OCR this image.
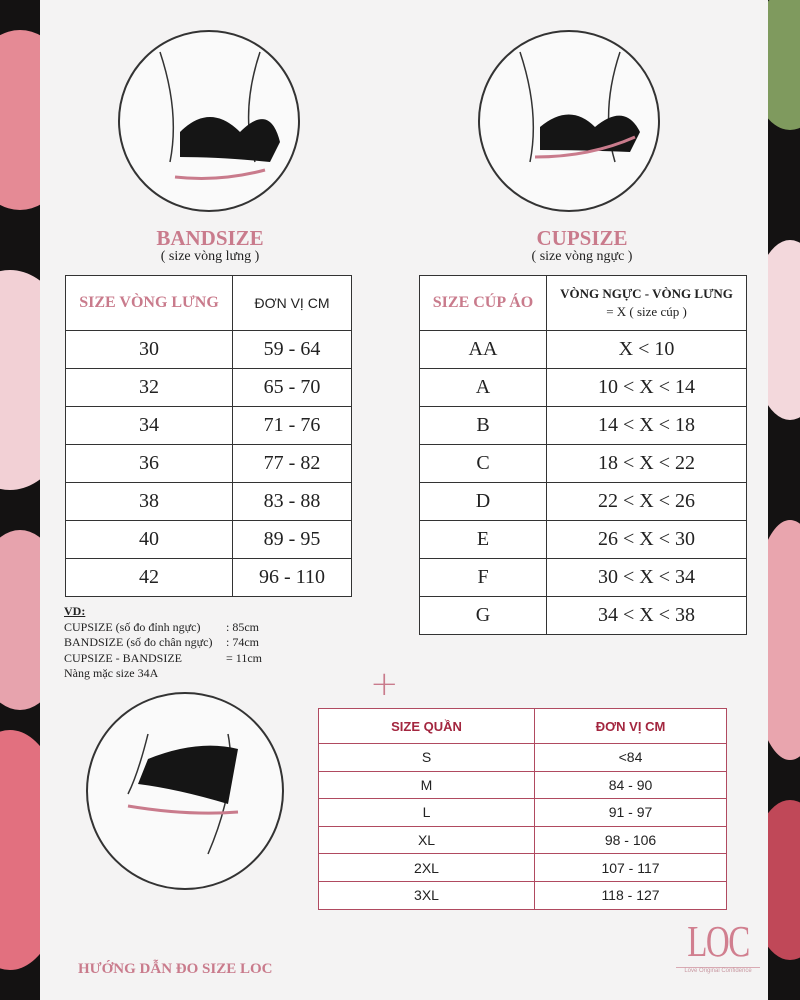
BANDSIZE
( size vòng lưng )
CUPSIZE
( size vòng ngực )
SIZE VÒNG LƯNG	ĐƠN VỊ CM
30	59 - 64
32	65 - 70
34	71 - 76
36	77 - 82
38	83 - 88
40	89 - 95
42	96 - 110
SIZE CÚP ÁO	VÒNG NGỰC - VÒNG LƯNG
= X ( size cúp )

AA	X < 10
A	10 < X < 14
B	14 < X < 18
C	18 < X < 22
D	22 < X < 26
E	26 < X < 30
F	30 < X < 34
G	34 < X < 38
VD:
CUPSIZE (số đo đỉnh ngực)	: 85cm
BANDSIZE (số đo chân ngực)	: 74cm
CUPSIZE - BANDSIZE	= 11cm
Nàng mặc size 34A	+
SIZE QUẦN	ĐƠN VỊ CM
S	<84
M	84 - 90
L	91 - 97
XL	98 - 106
2XL	107 - 117
3XL	118 - 127
HƯỚNG DẪN ĐO SIZE LOC
LOC
Love Original Confidence
